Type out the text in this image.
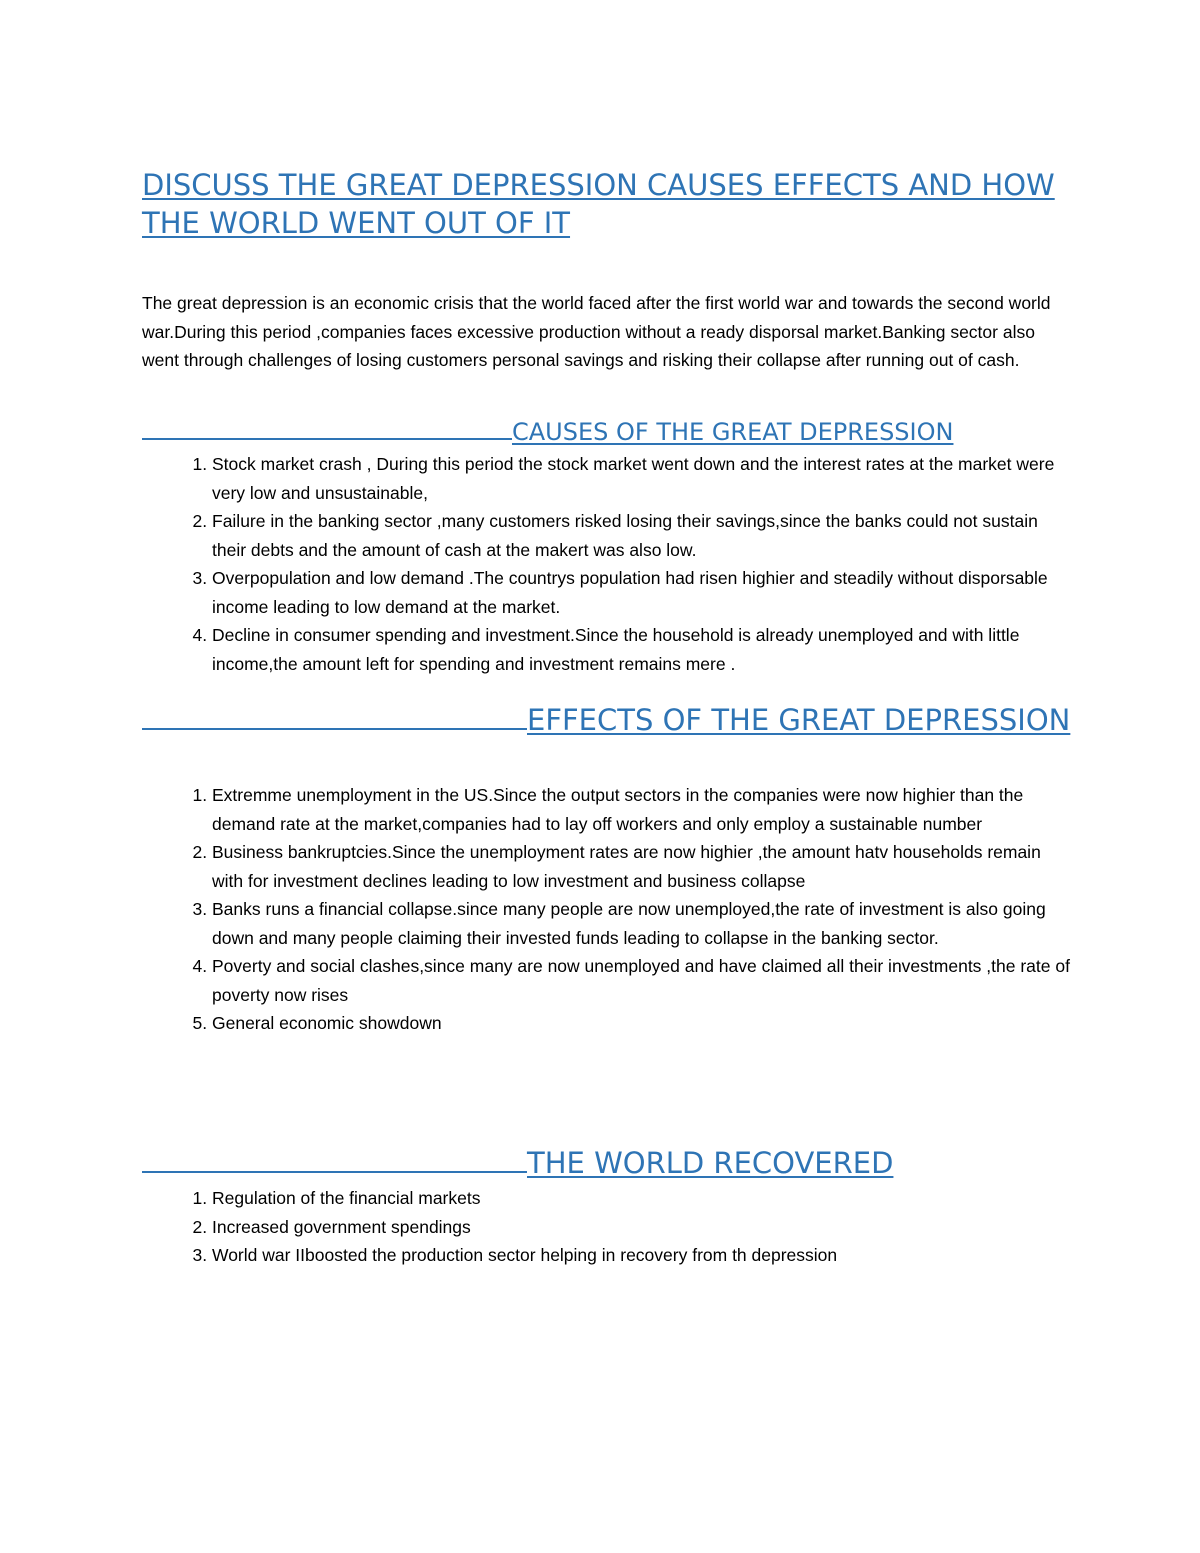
DISCUSS THE GREAT DEPRESSION CAUSES EFFECTS AND HOW THE WORLD WENT OUT OF IT

The great depression is an economic crisis that the world faced after the first world war and towards the second world war.During this period ,companies faces excessive production without a ready disporsal market.Banking sector also went through challenges of losing customers personal savings and risking their collapse after running out of cash.

CAUSES OF THE GREAT DEPRESSION
1. Stock market crash , During this period the stock market went down and the interest rates at the market were very low and unsustainable,
2. Failure in the banking sector ,many customers risked losing their savings,since the banks could not sustain their debts and the amount of cash at the makert was also low.
3. Overpopulation and low demand .The countrys population had risen highier and steadily without disporsable income leading to low demand at the market.
4. Decline in consumer spending and investment.Since the household is already unemployed and with little income,the amount left for spending and investment remains mere .
EFFECTS OF THE GREAT DEPRESSION
1. Extremme unemployment in the US.Since the output sectors in the companies were now highier than the demand rate at the market,companies had to lay off workers and only employ a sustainable number
2. Business bankruptcies.Since the unemployment rates are now highier ,the amount hatv households remain with for investment declines leading to low investment and business collapse
3. Banks runs a financial collapse.since many people are now unemployed,the rate of investment is also going down and many people claiming their invested funds leading to collapse in the banking sector.
4. Poverty and social clashes,since many are now unemployed and have claimed all their investments ,the rate of poverty now rises
5. General economic showdown
THE WORLD RECOVERED
1. Regulation of the financial markets
2. Increased government spendings
3. World war IIboosted the production sector helping in recovery from th depression
